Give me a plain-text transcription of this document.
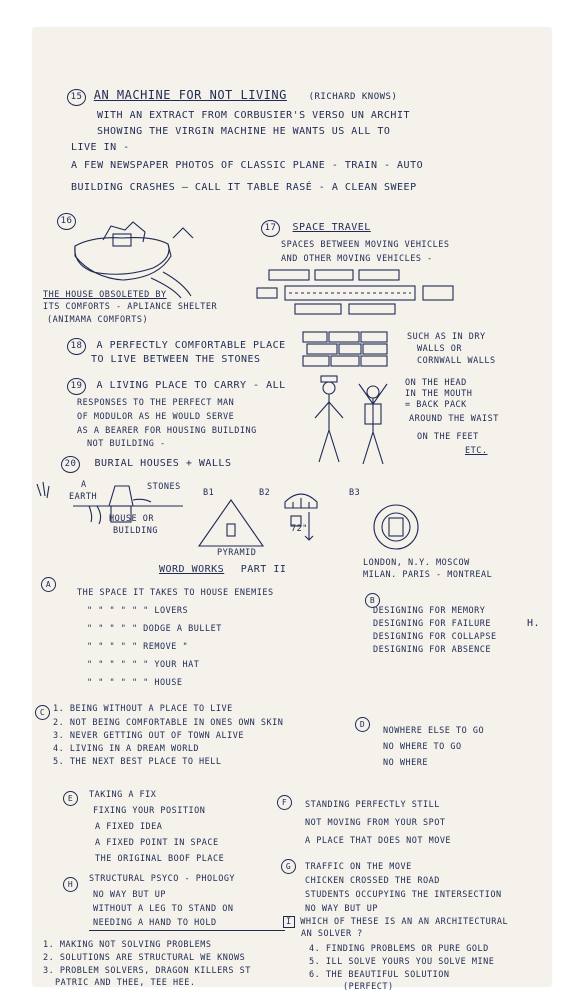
15 AN MACHINE FOR NOT LIVING (RICHARD KNOWS)
WITH AN EXTRACT FROM CORBUSIER'S VERSO UN ARCHIT
SHOWING THE VIRGIN MACHINE HE WANTS US ALL TO
LIVE IN -
A FEW NEWSPAPER PHOTOS OF CLASSIC PLANE - TRAIN - AUTO
BUILDING CRASHES — CALL IT TABLE RASÉ - A CLEAN SWEEP
16
THE HOUSE OBSOLETED BY
ITS COMFORTS - APLIANCE SHELTER
(ANIMAMA COMFORTS)
17 SPACE TRAVEL
SPACES BETWEEN MOVING VEHICLES
AND OTHER MOVING VEHICLES -
18 A PERFECTLY COMFORTABLE PLACE
TO LIVE BETWEEN THE STONES
SUCH AS IN DRY
WALLS OR
CORNWALL WALLS
19 A LIVING PLACE TO CARRY - ALL
RESPONSES TO THE PERFECT MAN
OF MODULOR AS HE WOULD SERVE
AS A BEARER FOR HOUSING BUILDING
NOT BUILDING -
ON THE HEAD
IN THE MOUTH
= BACK PACK
AROUND THE WAIST
ON THE FEET
ETC.
20 BURIAL HOUSES + WALLS
A
EARTH
STONES
HOUSE OR
BUILDING
B1
PYRAMID
B2
72"
B3
LONDON, N.Y. MOSCOW
MILAN. PARIS - MONTREAL
WORD WORKS PART II
A
THE SPACE IT TAKES TO HOUSE ENEMIES
" " " " " " LOVERS
" " " " " DODGE A BULLET
" " " " " REMOVE "
" " " " " " YOUR HAT
" " " " " " HOUSE
B
DESIGNING FOR MEMORY
DESIGNING FOR FAILURE
DESIGNING FOR COLLAPSE
DESIGNING FOR ABSENCE
H.
C 1. BEING WITHOUT A PLACE TO LIVE
2. NOT BEING COMFORTABLE IN ONES OWN SKIN
3. NEVER GETTING OUT OF TOWN ALIVE
4. LIVING IN A DREAM WORLD
5. THE NEXT BEST PLACE TO HELL
D
NOWHERE ELSE TO GO
NO WHERE TO GO
NO WHERE
E	TAKING A FIX
FIXING YOUR POSITION
A FIXED IDEA
A FIXED POINT IN SPACE
THE ORIGINAL BOOF PLACE
F	STANDING PERFECTLY STILL
NOT MOVING FROM YOUR SPOT
A PLACE THAT DOES NOT MOVE
G	TRAFFIC ON THE MOVE
CHICKEN CROSSED THE ROAD
STUDENTS OCCUPYING THE INTERSECTION
NO WAY BUT UP
H
STRUCTURAL PSYCO - PHOLOGY
NO WAY BUT UP
WITHOUT A LEG TO STAND ON
NEEDING A HAND TO HOLD	I WHICH OF THESE IS AN AN ARCHITECTURAL
AN SOLVER ?
1. MAKING NOT SOLVING PROBLEMS
2. SOLUTIONS ARE STRUCTURAL WE KNOWS
3. PROBLEM SOLVERS, DRAGON KILLERS ST
PATRIC AND THEE, TEE HEE.
4. FINDING PROBLEMS OR PURE GOLD
5. ILL SOLVE YOURS YOU SOLVE MINE
6. THE BEAUTIFUL SOLUTION
(PERFECT)
